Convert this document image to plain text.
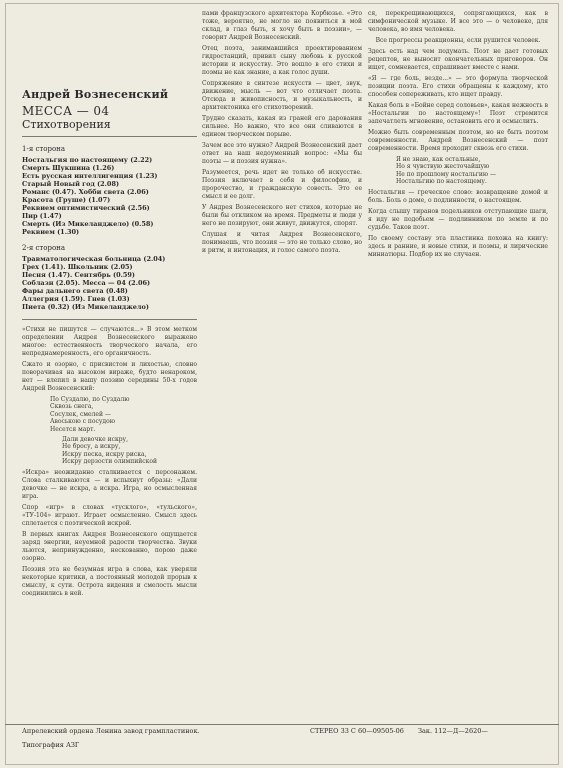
Андрей Вознесенский
МЕССА — 04
Стихотворения
1-я сторона
Ностальгия по настоящему (2.22)
Смерть Шукшина (1.26)
Есть русская интеллигенция (1.23)
Старый Новый год (2.08)
Романс (0.47). Хобби света (2.06)
Красота (Груше) (1.07)
Реквием оптимистический (2.56)
Пир (1.47)
Смерть (Из Микеланджело) (0.58)
Реквием (1.30)
2-я сторона
Травматологическая больница (2.04)
Грех (1.41). Школьник (2.05)
Песня (1.47). Сентябрь (0.59)
Соблазн (2.05). Месса — 04 (2.06)
Фары дальнего света (0.48)
Аллегрия (1.59). Гнев (1.03)
Пиета (0.32) (Из Микеланджело)

«Стихи не пишутся — случаются...» В этом метком определении Андрея Вознесенского выражено многое: естественность творческого начала, его непреднамеренность, его органичность.

Сжато и озорно, с присвистом и лихостью, словно поворачивая на высоком вираже, будто ненароком, нет — влепил в нашу поэзию середины 50-х годов Андрей Вознесенский:

По Суздалю, по Суздалю
Сквозь снега,
Сосулек, смелей —
Авоською с посудою
Несется март.
Дали девочке искру,
Не бросу, а искру,
Искру песка, искру риска,
Искру дерзости олимпийской

«Искра» неожиданно сталкивается с персонажем. Слова сталкиваются — и вспыхнут образы: «Дали девочке — не искра, а искра. Игра, но осмысленная игра.

Спор «игр» в словах «тусклого», «тульского», «ТУ-104» играют. Играет осмысленно. Смысл здесь сплетается с поэтической искрой.

В первых книгах Андрея Вознесенского ощущается заряд энергии, неуемной радости творчества. Звуки льются, непринужденно, нескованно, порою даже озорно.

Поэзия эта не безумная игра в слова, как уверяли некоторые критики, а постоянный молодой прорыв к смыслу, к сути. Острота видения и смелость мысли соединились в ней.

пами французского архитектора Корбюзье. «Это тоже, вероятно, не могло не появиться в мой склад, в глаз быть, я хочу быть в поэзии», — говорит Андрей Вознесенский.

Отец поэта, занимавшийся проектированием гидростанций, привил сыну любовь к русской истории и искусству. Это вошло в его стихи и поэмы не как знание, а как голос души.

Сопряжение в синтезе искусств — цвет, звук, движение, мысль — вот что отличает поэта. Отсюда и живописность, и музыкальность, и архитектоника его стихотворений.

Трудно сказать, какая из граней его дарования сильнее. Но важно, что все они сливаются в едином творческом порыве.

Зачем все это нужно? Андрей Вознесенский дает ответ на наш недоуменный вопрос: «Мы бы поэты — и поэзия нужна».

Разумеется, речь идет не только об искусстве. Поэзия включает в себя и философию, и пророчество, и гражданскую совесть. Это ее смысл и ее долг.

У Андрея Вознесенского нет стихов, которые не были бы откликом на время. Предметы и люди у него не позируют, они живут, движутся, спорят.

Слушая и читая Андрея Вознесенского, понимаешь, что поэзия — это не только слово, но и ритм, и интонация, и голос самого поэта.

ся, перекрещивающихся, сопрягающихся, как в симфонической музыке. И все это — о человеке, для человека, во имя человека.

Все прогрессы реакционны, если рушится человек.

Здесь есть над чем подумать. Поэт не дает готовых рецептов, не выносит окончательных приговоров. Он ищет, сомневается, спрашивает вместе с нами.

«Я — где боль, везде...» — это формула творческой позиции поэта. Его стихи обращены к каждому, кто способен сопереживать, кто ищет правду.

Какая боль в «Бойне серед соловьев», какая нежность в «Ностальгии по настоящему»! Поэт стремится запечатлеть мгновение, остановить его и осмыслить.

Можно быть современным поэтом, но не быть поэтом современности. Андрей Вознесенский — поэт современности. Время проходит сквозь его стихи.

Я не знаю, как остальные,
Но я чувствую жесточайшую
Не по прошлому ностальгию —
Ностальгию по настоящему.

Ностальгия — греческое слово: возвращение домой и боль. Боль о доме, о подлинности, о настоящем.

Когда слышу тиранов подельников отступающие шаги, я иду не подобьем — подлинником по земле и по судьбе. Таков поэт.

По своему составу эта пластинка похожа на книгу: здесь и ранние, и новые стихи, и поэмы, и лирические миниатюры. Подбор их не случаен.

Апрелевский ордена Ленина завод грампластинок.	СТЕРЕО 33 С 60—09505-06 Зак. 112—Д—2620—
Типография АЗГ
